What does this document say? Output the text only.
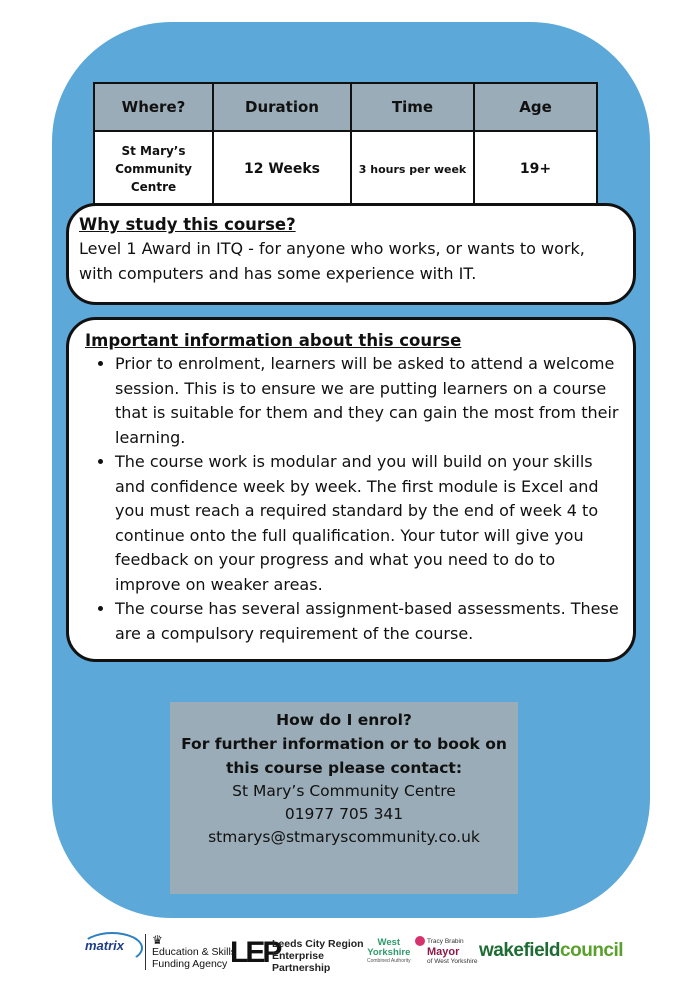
Where?	Duration	Time	Age
St Mary’s Community Centre	12 Weeks	3 hours per week	19+
Why study this course?
Level 1 Award in ITQ - for anyone who works, or wants to work, with computers and has some experience with IT.
Important information about this course
• Prior to enrolment, learners will be asked to attend a welcome session. This is to ensure we are putting learners on a course that is suitable for them and they can gain the most from their learning.
• The course work is modular and you will build on your skills and confidence week by week. The first module is Excel and you must reach a required standard by the end of week 4 to continue onto the full qualification. Your tutor will give you feedback on your progress and what you need to do to improve on weaker areas.
• The course has several assignment-based assessments. These are a compulsory requirement of the course.
How do I enrol?
For further information or to book on this course please contact:
St Mary’s Community Centre
01977 705 341
stmarys@stmaryscommunity.co.uk
matrix ♛
Education & Skills
Funding Agency LEP
Leeds City Region
Enterprise
Partnership
West
Yorkshire
Combined Authority
Tracy Brabin
Mayor
of West Yorkshire
wakefieldcouncil
